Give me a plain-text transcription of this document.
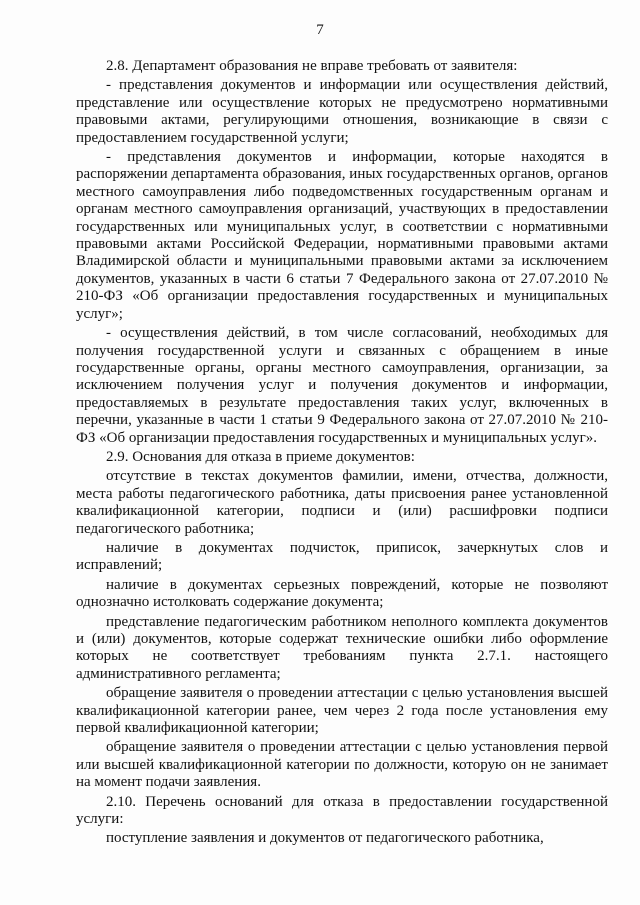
7

2.8. Департамент образования не вправе требовать от заявителя:

- представления документов и информации или осуществления действий, представление или осуществление которых не предусмотрено нормативными правовыми актами, регулирующими отношения, возникающие в связи с предоставлением государственной услуги;

- представления документов и информации, которые находятся в распоряжении департамента образования, иных государственных органов, органов местного самоуправления либо подведомственных государственным органам и органам местного самоуправления организаций, участвующих в предоставлении государственных или муниципальных услуг, в соответствии с нормативными правовыми актами Российской Федерации, нормативными правовыми актами Владимирской области и муниципальными правовыми актами за исключением документов, указанных в части 6 статьи 7 Федерального закона от 27.07.2010 № 210-ФЗ «Об организации предоставления государственных и муниципальных услуг»;

- осуществления действий, в том числе согласований, необходимых для получения государственной услуги и связанных с обращением в иные государственные органы, органы местного самоуправления, организации, за исключением получения услуг и получения документов и информации, предоставляемых в результате предоставления таких услуг, включенных в перечни, указанные в части 1 статьи 9 Федерального закона от 27.07.2010 № 210-ФЗ «Об организации предоставления государственных и муниципальных услуг».

2.9. Основания для отказа в приеме документов:

отсутствие в текстах документов фамилии, имени, отчества, должности, места работы педагогического работника, даты присвоения ранее установленной квалификационной категории, подписи и (или) расшифровки подписи педагогического работника;

наличие в документах подчисток, приписок, зачеркнутых слов и исправлений;

наличие в документах серьезных повреждений, которые не позволяют однозначно истолковать содержание документа;

представление педагогическим работником неполного комплекта документов и (или) документов, которые содержат технические ошибки либо оформление которых не соответствует требованиям пункта 2.7.1. настоящего административного регламента;

обращение заявителя о проведении аттестации с целью установления высшей квалификационной категории ранее, чем через 2 года после установления ему первой квалификационной категории;

обращение заявителя о проведении аттестации с целью установления первой или высшей квалификационной категории по должности, которую он не занимает на момент подачи заявления.

2.10. Перечень оснований для отказа в предоставлении государственной услуги:

поступление заявления и документов от педагогического работника,
